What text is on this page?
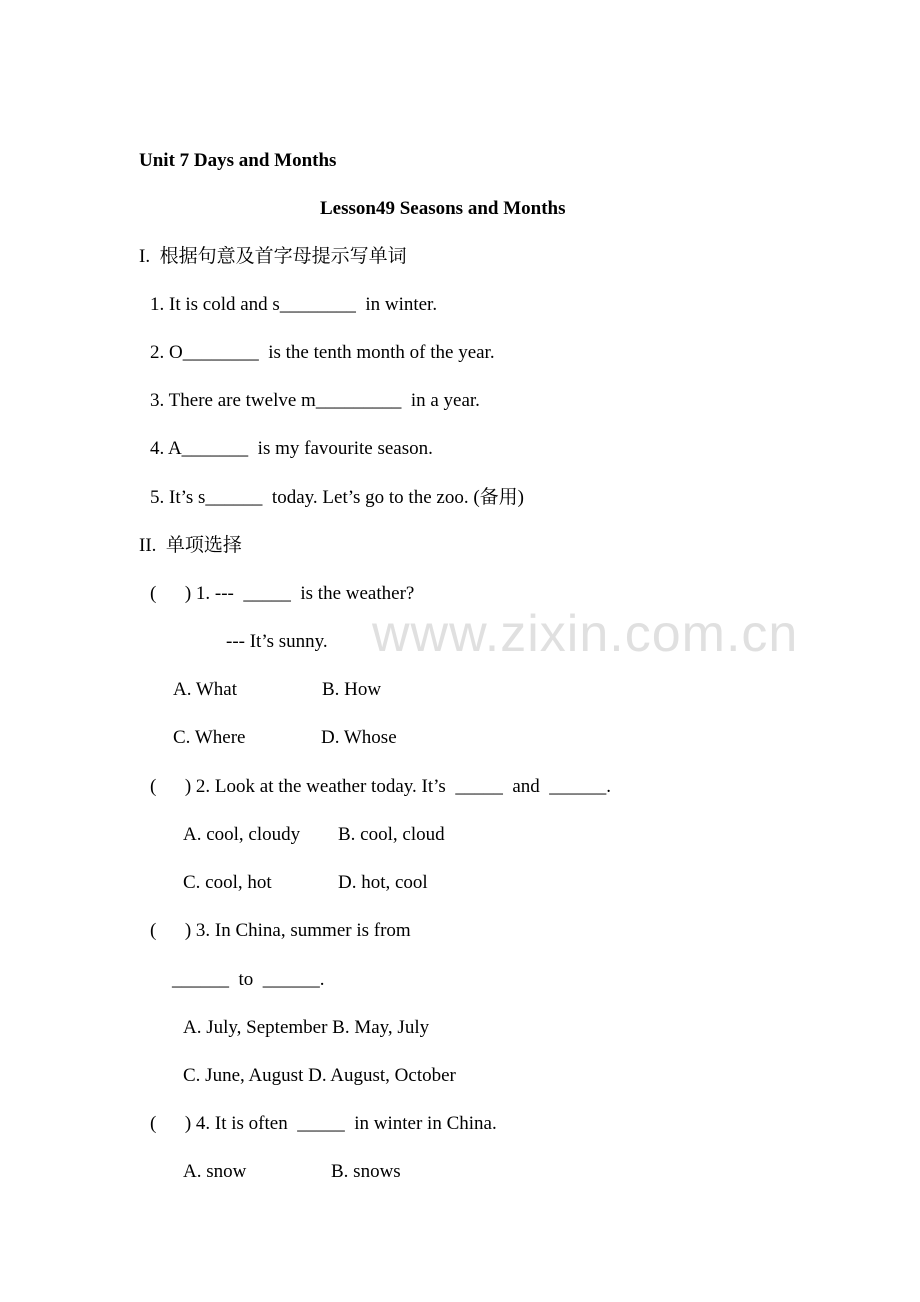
Unit 7 Days and Months
Lesson49 Seasons and Months
I.  根据句意及首字母提示写单词
1. It is cold and s________  in winter.
2. O________  is the tenth month of the year.
3. There are twelve m_________  in a year.
4. A_______  is my favourite season.
5. It’s s______  today. Let’s go to the zoo. (备用)
II.  单项选择
(      ) 1. ---  _____  is the weather?
--- It’s sunny.
A. What	B. How
C. Where	D. Whose
(      ) 2. Look at the weather today. It’s  _____  and  ______.
A. cool, cloudy B. cool, cloud
C. cool, hot	D. hot, cool
(      ) 3. In China, summer is from
______  to  ______.
A. July, September B. May, July
C. June, August D. August, October
(      ) 4. It is often  _____  in winter in China.
A. snow	B. snows
www.zixin.com.cn
